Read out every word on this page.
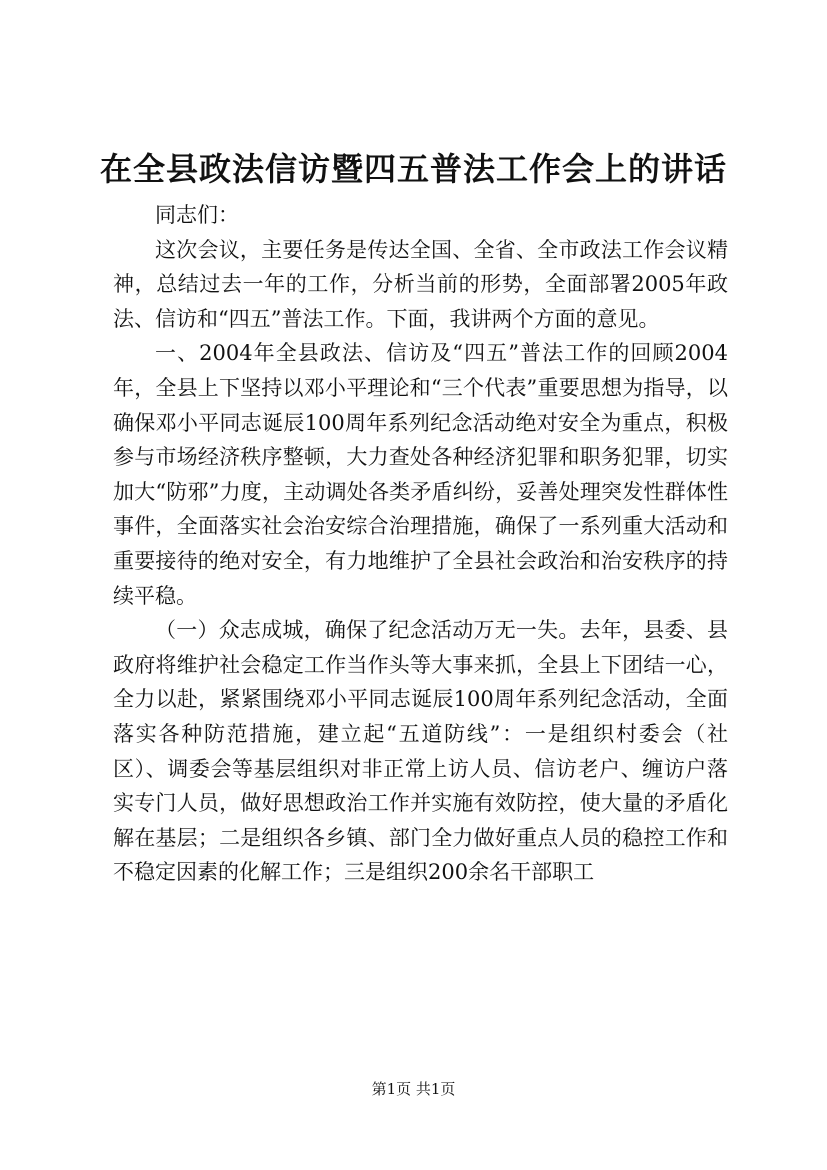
在全县政法信访暨四五普法工作会上的讲话

同志们：

这次会议，主要任务是传达全国、全省、全市政法工作会议精神，总结过去一年的工作，分析当前的形势，全面部署2005年政法、信访和“四五”普法工作。下面，我讲两个方面的意见。

一、2004年全县政法、信访及“四五”普法工作的回顾2004年，全县上下坚持以邓小平理论和“三个代表”重要思想为指导，以确保邓小平同志诞辰100周年系列纪念活动绝对安全为重点，积极参与市场经济秩序整顿，大力查处各种经济犯罪和职务犯罪，切实加大“防邪”力度，主动调处各类矛盾纠纷，妥善处理突发性群体性事件，全面落实社会治安综合治理措施，确保了一系列重大活动和重要接待的绝对安全，有力地维护了全县社会政治和治安秩序的持续平稳。

（一）众志成城，确保了纪念活动万无一失。去年，县委、县政府将维护社会稳定工作当作头等大事来抓，全县上下团结一心，全力以赴，紧紧围绕邓小平同志诞辰100周年系列纪念活动，全面落实各种防范措施，建立起“五道防线”：一是组织村委会（社区）、调委会等基层组织对非正常上访人员、信访老户、缠访户落实专门人员，做好思想政治工作并实施有效防控，使大量的矛盾化解在基层；二是组织各乡镇、部门全力做好重点人员的稳控工作和不稳定因素的化解工作；三是组织200余名干部职工

第1页 共1页
